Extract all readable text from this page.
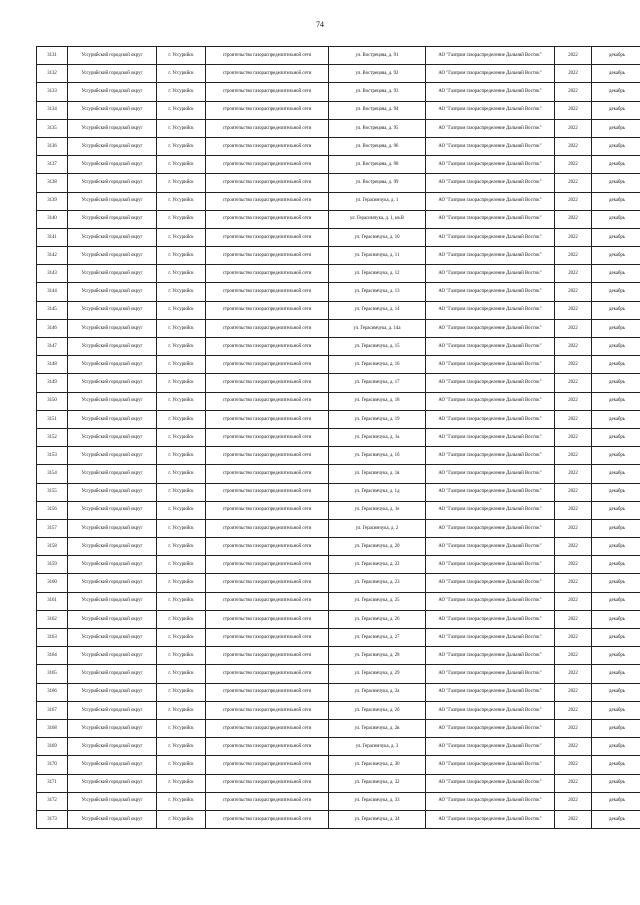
74
3131	Уссурийский городской округ	г. Уссурийск	строительство газораспределительной сети	ул. Вострецова, д. 91	АО "Газпром газораспределение Дальний Восток"	2022	декабрь
3132	Уссурийский городской округ	г. Уссурийск	строительство газораспределительной сети	ул. Вострецова, д. 92	АО "Газпром газораспределение Дальний Восток"	2022	декабрь
3133	Уссурийский городской округ	г. Уссурийск	строительство газораспределительной сети	ул. Вострецова, д. 93	АО "Газпром газораспределение Дальний Восток"	2022	декабрь
3134	Уссурийский городской округ	г. Уссурийск	строительство газораспределительной сети	ул. Вострецова, д. 94	АО "Газпром газораспределение Дальний Восток"	2022	декабрь
3135	Уссурийский городской округ	г. Уссурийск	строительство газораспределительной сети	ул. Вострецова, д. 95	АО "Газпром газораспределение Дальний Восток"	2022	декабрь
3136	Уссурийский городской округ	г. Уссурийск	строительство газораспределительной сети	ул. Вострецова, д. 96	АО "Газпром газораспределение Дальний Восток"	2022	декабрь
3137	Уссурийский городской округ	г. Уссурийск	строительство газораспределительной сети	ул. Вострецова, д. 98	АО "Газпром газораспределение Дальний Восток"	2022	декабрь
3138	Уссурийский городской округ	г. Уссурийск	строительство газораспределительной сети	ул. Вострецова, д. 99	АО "Газпром газораспределение Дальний Восток"	2022	декабрь
3139	Уссурийский городской округ	г. Уссурийск	строительство газораспределительной сети	ул. Герасимчука, д. 1	АО "Газпром газораспределение Дальний Восток"	2022	декабрь
3140	Уссурийский городской округ	г. Уссурийск	строительство газораспределительной сети	ул. Герасимчука, д. 1, кв.В	АО "Газпром газораспределение Дальний Восток"	2022	декабрь
3141	Уссурийский городской округ	г. Уссурийск	строительство газораспределительной сети	ул. Герасимчука, д. 10	АО "Газпром газораспределение Дальний Восток"	2022	декабрь
3142	Уссурийский городской округ	г. Уссурийск	строительство газораспределительной сети	ул. Герасимчука, д. 11	АО "Газпром газораспределение Дальний Восток"	2022	декабрь
3143	Уссурийский городской округ	г. Уссурийск	строительство газораспределительной сети	ул. Герасимчука, д. 12	АО "Газпром газораспределение Дальний Восток"	2022	декабрь
3144	Уссурийский городской округ	г. Уссурийск	строительство газораспределительной сети	ул. Герасимчука, д. 13	АО "Газпром газораспределение Дальний Восток"	2022	декабрь
3145	Уссурийский городской округ	г. Уссурийск	строительство газораспределительной сети	ул. Герасимчука, д. 14	АО "Газпром газораспределение Дальний Восток"	2022	декабрь
3146	Уссурийский городской округ	г. Уссурийск	строительство газораспределительной сети	ул. Герасимчука, д. 14а	АО "Газпром газораспределение Дальний Восток"	2022	декабрь
3147	Уссурийский городской округ	г. Уссурийск	строительство газораспределительной сети	ул. Герасимчука, д. 15	АО "Газпром газораспределение Дальний Восток"	2022	декабрь
3148	Уссурийский городской округ	г. Уссурийск	строительство газораспределительной сети	ул. Герасимчука, д. 16	АО "Газпром газораспределение Дальний Восток"	2022	декабрь
3149	Уссурийский городской округ	г. Уссурийск	строительство газораспределительной сети	ул. Герасимчука, д. 17	АО "Газпром газораспределение Дальний Восток"	2022	декабрь
3150	Уссурийский городской округ	г. Уссурийск	строительство газораспределительной сети	ул. Герасимчука, д. 18	АО "Газпром газораспределение Дальний Восток"	2022	декабрь
3151	Уссурийский городской округ	г. Уссурийск	строительство газораспределительной сети	ул. Герасимчука, д. 19	АО "Газпром газораспределение Дальний Восток"	2022	декабрь
3152	Уссурийский городской округ	г. Уссурийск	строительство газораспределительной сети	ул. Герасимчука, д. 1а	АО "Газпром газораспределение Дальний Восток"	2022	декабрь
3153	Уссурийский городской округ	г. Уссурийск	строительство газораспределительной сети	ул. Герасимчука, д. 1б	АО "Газпром газораспределение Дальний Восток"	2022	декабрь
3154	Уссурийский городской округ	г. Уссурийск	строительство газораспределительной сети	ул. Герасимчука, д. 1в	АО "Газпром газораспределение Дальний Восток"	2022	декабрь
3155	Уссурийский городской округ	г. Уссурийск	строительство газораспределительной сети	ул. Герасимчука, д. 1д	АО "Газпром газораспределение Дальний Восток"	2022	декабрь
3156	Уссурийский городской округ	г. Уссурийск	строительство газораспределительной сети	ул. Герасимчука, д. 1е	АО "Газпром газораспределение Дальний Восток"	2022	декабрь
3157	Уссурийский городской округ	г. Уссурийск	строительство газораспределительной сети	ул. Герасимчука, д. 2	АО "Газпром газораспределение Дальний Восток"	2022	декабрь
3158	Уссурийский городской округ	г. Уссурийск	строительство газораспределительной сети	ул. Герасимчука, д. 20	АО "Газпром газораспределение Дальний Восток"	2022	декабрь
3159	Уссурийский городской округ	г. Уссурийск	строительство газораспределительной сети	ул. Герасимчука, д. 22	АО "Газпром газораспределение Дальний Восток"	2022	декабрь
3160	Уссурийский городской округ	г. Уссурийск	строительство газораспределительной сети	ул. Герасимчука, д. 23	АО "Газпром газораспределение Дальний Восток"	2022	декабрь
3161	Уссурийский городской округ	г. Уссурийск	строительство газораспределительной сети	ул. Герасимчука, д. 25	АО "Газпром газораспределение Дальний Восток"	2022	декабрь
3162	Уссурийский городской округ	г. Уссурийск	строительство газораспределительной сети	ул. Герасимчука, д. 26	АО "Газпром газораспределение Дальний Восток"	2022	декабрь
3163	Уссурийский городской округ	г. Уссурийск	строительство газораспределительной сети	ул. Герасимчука, д. 27	АО "Газпром газораспределение Дальний Восток"	2022	декабрь
3164	Уссурийский городской округ	г. Уссурийск	строительство газораспределительной сети	ул. Герасимчука, д. 28	АО "Газпром газораспределение Дальний Восток"	2022	декабрь
3165	Уссурийский городской округ	г. Уссурийск	строительство газораспределительной сети	ул. Герасимчука, д. 29	АО "Газпром газораспределение Дальний Восток"	2022	декабрь
3166	Уссурийский городской округ	г. Уссурийск	строительство газораспределительной сети	ул. Герасимчука, д. 2а	АО "Газпром газораспределение Дальний Восток"	2022	декабрь
3167	Уссурийский городской округ	г. Уссурийск	строительство газораспределительной сети	ул. Герасимчука, д. 2б	АО "Газпром газораспределение Дальний Восток"	2022	декабрь
3168	Уссурийский городской округ	г. Уссурийск	строительство газораспределительной сети	ул. Герасимчука, д. 2в	АО "Газпром газораспределение Дальний Восток"	2022	декабрь
3169	Уссурийский городской округ	г. Уссурийск	строительство газораспределительной сети	ул. Герасимчука, д. 3	АО "Газпром газораспределение Дальний Восток"	2022	декабрь
3170	Уссурийский городской округ	г. Уссурийск	строительство газораспределительной сети	ул. Герасимчука, д. 30	АО "Газпром газораспределение Дальний Восток"	2022	декабрь
3171	Уссурийский городской округ	г. Уссурийск	строительство газораспределительной сети	ул. Герасимчука, д. 32	АО "Газпром газораспределение Дальний Восток"	2022	декабрь
3172	Уссурийский городской округ	г. Уссурийск	строительство газораспределительной сети	ул. Герасимчука, д. 33	АО "Газпром газораспределение Дальний Восток"	2022	декабрь
3173	Уссурийский городской округ	г. Уссурийск	строительство газораспределительной сети	ул. Герасимчука, д. 34	АО "Газпром газораспределение Дальний Восток"	2022	декабрь
